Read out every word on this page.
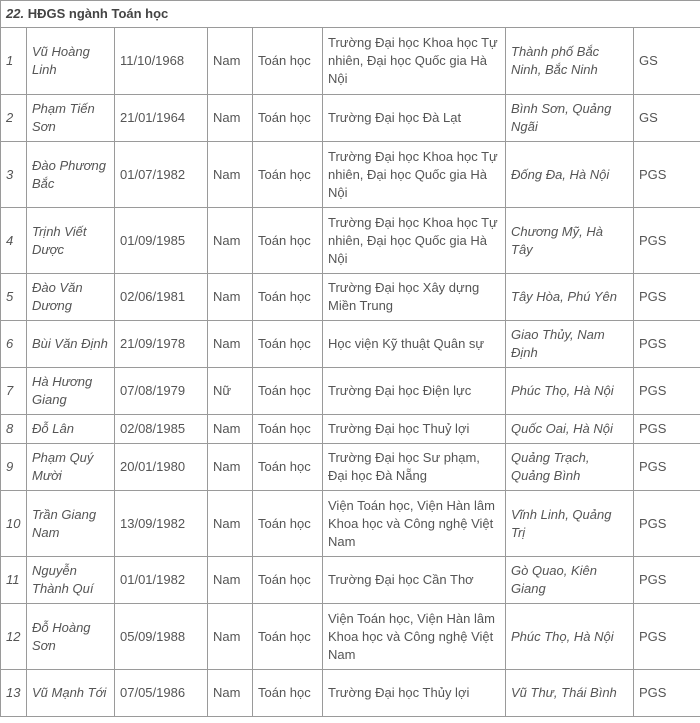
22. HĐGS ngành Toán học							
1	Vũ Hoàng Linh	11/10/1968	Nam	Toán học	Trường Đại học Khoa học Tự nhiên, Đại học Quốc gia Hà Nội	Thành phố Bắc Ninh, Bắc Ninh	GS
2	Phạm Tiến Sơn	21/01/1964	Nam	Toán học	Trường Đại học Đà Lạt	Bình Sơn, Quảng Ngãi	GS
3	Đào Phương Bắc	01/07/1982	Nam	Toán học	Trường Đại học Khoa học Tự nhiên, Đại học Quốc gia Hà Nội	Đống Đa, Hà Nội	PGS
4	Trịnh Viết Dược	01/09/1985	Nam	Toán học	Trường Đại học Khoa học Tự nhiên, Đại học Quốc gia Hà Nội	Chương Mỹ, Hà Tây	PGS
5	Đào Văn Dương	02/06/1981	Nam	Toán học	Trường Đại học Xây dựng Miền Trung	Tây Hòa, Phú Yên	PGS
6	Bùi Văn Định	21/09/1978	Nam	Toán học	Học viện Kỹ thuật Quân sự	Giao Thủy, Nam Định	PGS
7	Hà Hương Giang	07/08/1979	Nữ	Toán học	Trường Đại học Điện lực	Phúc Thọ, Hà Nội	PGS
8	Đỗ Lân	02/08/1985	Nam	Toán học	Trường Đại học Thuỷ lợi	Quốc Oai, Hà Nội	PGS
9	Phạm Quý Mười	20/01/1980	Nam	Toán học	Trường Đại học Sư phạm, Đại học Đà Nẵng	Quảng Trạch, Quảng Bình	PGS
10	Trần Giang Nam	13/09/1982	Nam	Toán học	Viện Toán học, Viện Hàn lâm Khoa học và Công nghệ Việt Nam	Vĩnh Linh, Quảng Trị	PGS
11	Nguyễn Thành Quí	01/01/1982	Nam	Toán học	Trường Đại học Cần Thơ	Gò Quao, Kiên Giang	PGS
12	Đỗ Hoàng Sơn	05/09/1988	Nam	Toán học	Viện Toán học, Viện Hàn lâm Khoa học và Công nghệ Việt Nam	Phúc Thọ, Hà Nội	PGS
13	Vũ Mạnh Tới	07/05/1986	Nam	Toán học	Trường Đại học Thủy lợi	Vũ Thư, Thái Bình	PGS
